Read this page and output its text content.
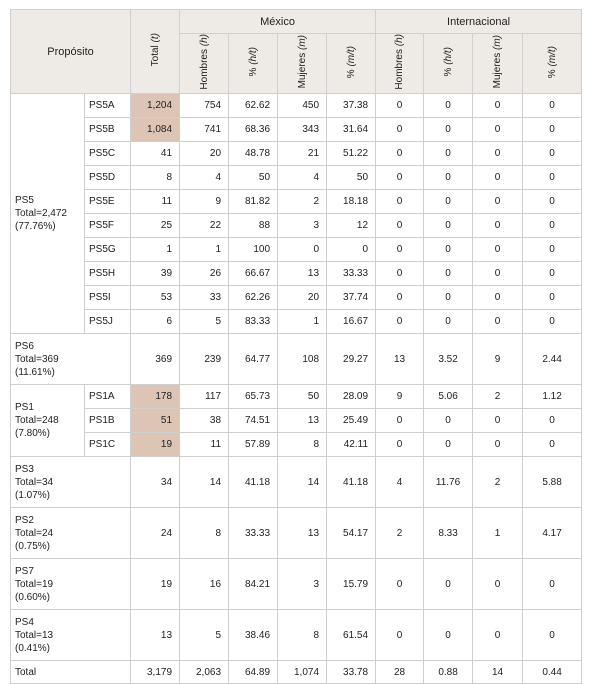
Propósito		Total (t)	México				Internacional			
			Hombres (h)	% (h/t)	Mujeres (m)	% (m/t)	Hombres (h)	% (h/t)	Mujeres (m)	% (m/t)
PS5
Total=2,472
(77.76%)	PS5A	1,204	754	62.62	450	37.38	0	0	0	0
	PS5B	1,084	741	68.36	343	31.64	0	0	0	0
	PS5C	41	20	48.78	21	51.22	0	0	0	0
	PS5D	8	4	50	4	50	0	0	0	0
	PS5E	11	9	81.82	2	18.18	0	0	0	0
	PS5F	25	22	88	3	12	0	0	0	0
	PS5G	1	1	100	0	0	0	0	0	0
	PS5H	39	26	66.67	13	33.33	0	0	0	0
	PS5I	53	33	62.26	20	37.74	0	0	0	0
	PS5J	6	5	83.33	1	16.67	0	0	0	0
PS6
Total=369
(11.61%)		369	239	64.77	108	29.27	13	3.52	9	2.44
PS1
Total=248
(7.80%)	PS1A	178	117	65.73	50	28.09	9	5.06	2	1.12
	PS1B	51	38	74.51	13	25.49	0	0	0	0
	PS1C	19	11	57.89	8	42.11	0	0	0	0
PS3
Total=34
(1.07%)		34	14	41.18	14	41.18	4	11.76	2	5.88
PS2
Total=24
(0.75%)		24	8	33.33	13	54.17	2	8.33	1	4.17
PS7
Total=19
(0.60%)		19	16	84.21	3	15.79	0	0	0	0
PS4
Total=13
(0.41%)		13	5	38.46	8	61.54	0	0	0	0
Total		3,179	2,063	64.89	1,074	33.78	28	0.88	14	0.44
